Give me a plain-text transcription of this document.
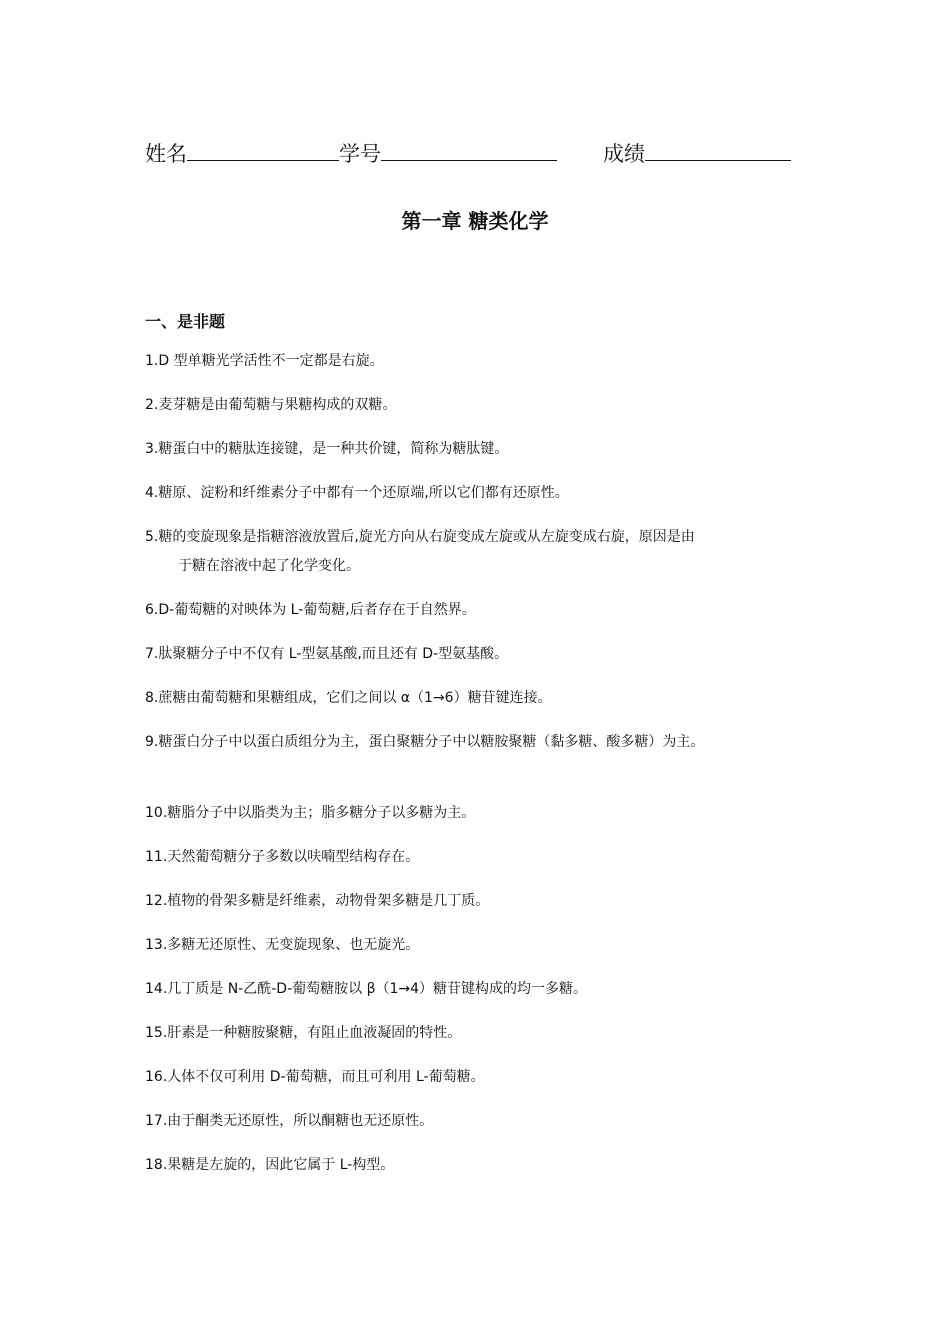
姓名	学号	成绩
第一章 糖类化学
一、是非题
1.D 型单糖光学活性不一定都是右旋。
2.麦芽糖是由葡萄糖与果糖构成的双糖。
3.糖蛋白中的糖肽连接键，是一种共价键，简称为糖肽键。
4.糖原、淀粉和纤维素分子中都有一个还原端,所以它们都有还原性。
5.糖的变旋现象是指糖溶液放置后,旋光方向从右旋变成左旋或从左旋变成右旋，原因是由
于糖在溶液中起了化学变化。
6.D-葡萄糖的对映体为 L-葡萄糖,后者存在于自然界。
7.肽聚糖分子中不仅有 L-型氨基酸,而且还有 D-型氨基酸。
8.蔗糖由葡萄糖和果糖组成，它们之间以 α（1→6）糖苷键连接。
9.糖蛋白分子中以蛋白质组分为主，蛋白聚糖分子中以糖胺聚糖（黏多糖、酸多糖）为主。
10.糖脂分子中以脂类为主；脂多糖分子以多糖为主。
11.天然葡萄糖分子多数以呋喃型结构存在。
12.植物的骨架多糖是纤维素，动物骨架多糖是几丁质。
13.多糖无还原性、无变旋现象、也无旋光。
14.几丁质是 N-乙酰-D-葡萄糖胺以 β（1→4）糖苷键构成的均一多糖。
15.肝素是一种糖胺聚糖，有阻止血液凝固的特性。
16.人体不仅可利用 D-葡萄糖，而且可利用 L-葡萄糖。
17.由于酮类无还原性，所以酮糖也无还原性。
18.果糖是左旋的，因此它属于 L-构型。
